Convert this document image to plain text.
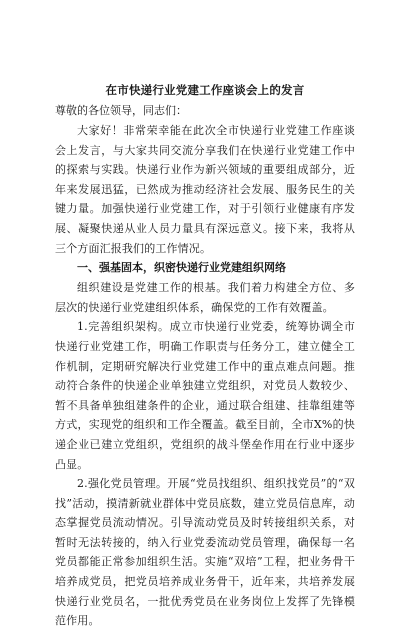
在市快递行业党建工作座谈会上的发言
尊敬的各位领导，同志们：

大家好！非常荣幸能在此次全市快递行业党建工作座谈会上发言，与大家共同交流分享我们在快递行业党建工作中的探索与实践。快递行业作为新兴领域的重要组成部分，近年来发展迅猛，已然成为推动经济社会发展、服务民生的关键力量。加强快递行业党建工作，对于引领行业健康有序发展、凝聚快递从业人员力量具有深远意义。接下来，我将从三个方面汇报我们的工作情况。

一、强基固本，织密快递行业党建组织网络

组织建设是党建工作的根基。我们着力构建全方位、多层次的快递行业党建组织体系，确保党的工作有效覆盖。

1.完善组织架构。成立市快递行业党委，统筹协调全市快递行业党建工作，明确工作职责与任务分工，建立健全工作机制，定期研究解决行业党建工作中的重点难点问题。推动符合条件的快递企业单独建立党组织，对党员人数较少、暂不具备单独组建条件的企业，通过联合组建、挂靠组建等方式，实现党的组织和工作全覆盖。截至目前，全市X%的快递企业已建立党组织，党组织的战斗堡垒作用在行业中逐步凸显。

2.强化党员管理。开展“党员找组织、组织找党员”的“双找”活动，摸清新就业群体中党员底数，建立党员信息库，动态掌握党员流动情况。引导流动党员及时转接组织关系，对暂时无法转接的，纳入行业党委流动党员管理，确保每一名党员都能正常参加组织生活。实施“双培”工程，把业务骨干培养成党员，把党员培养成业务骨干，近年来，共培养发展快递行业党员名，一批优秀党员在业务岗位上发挥了先锋模范作用。
